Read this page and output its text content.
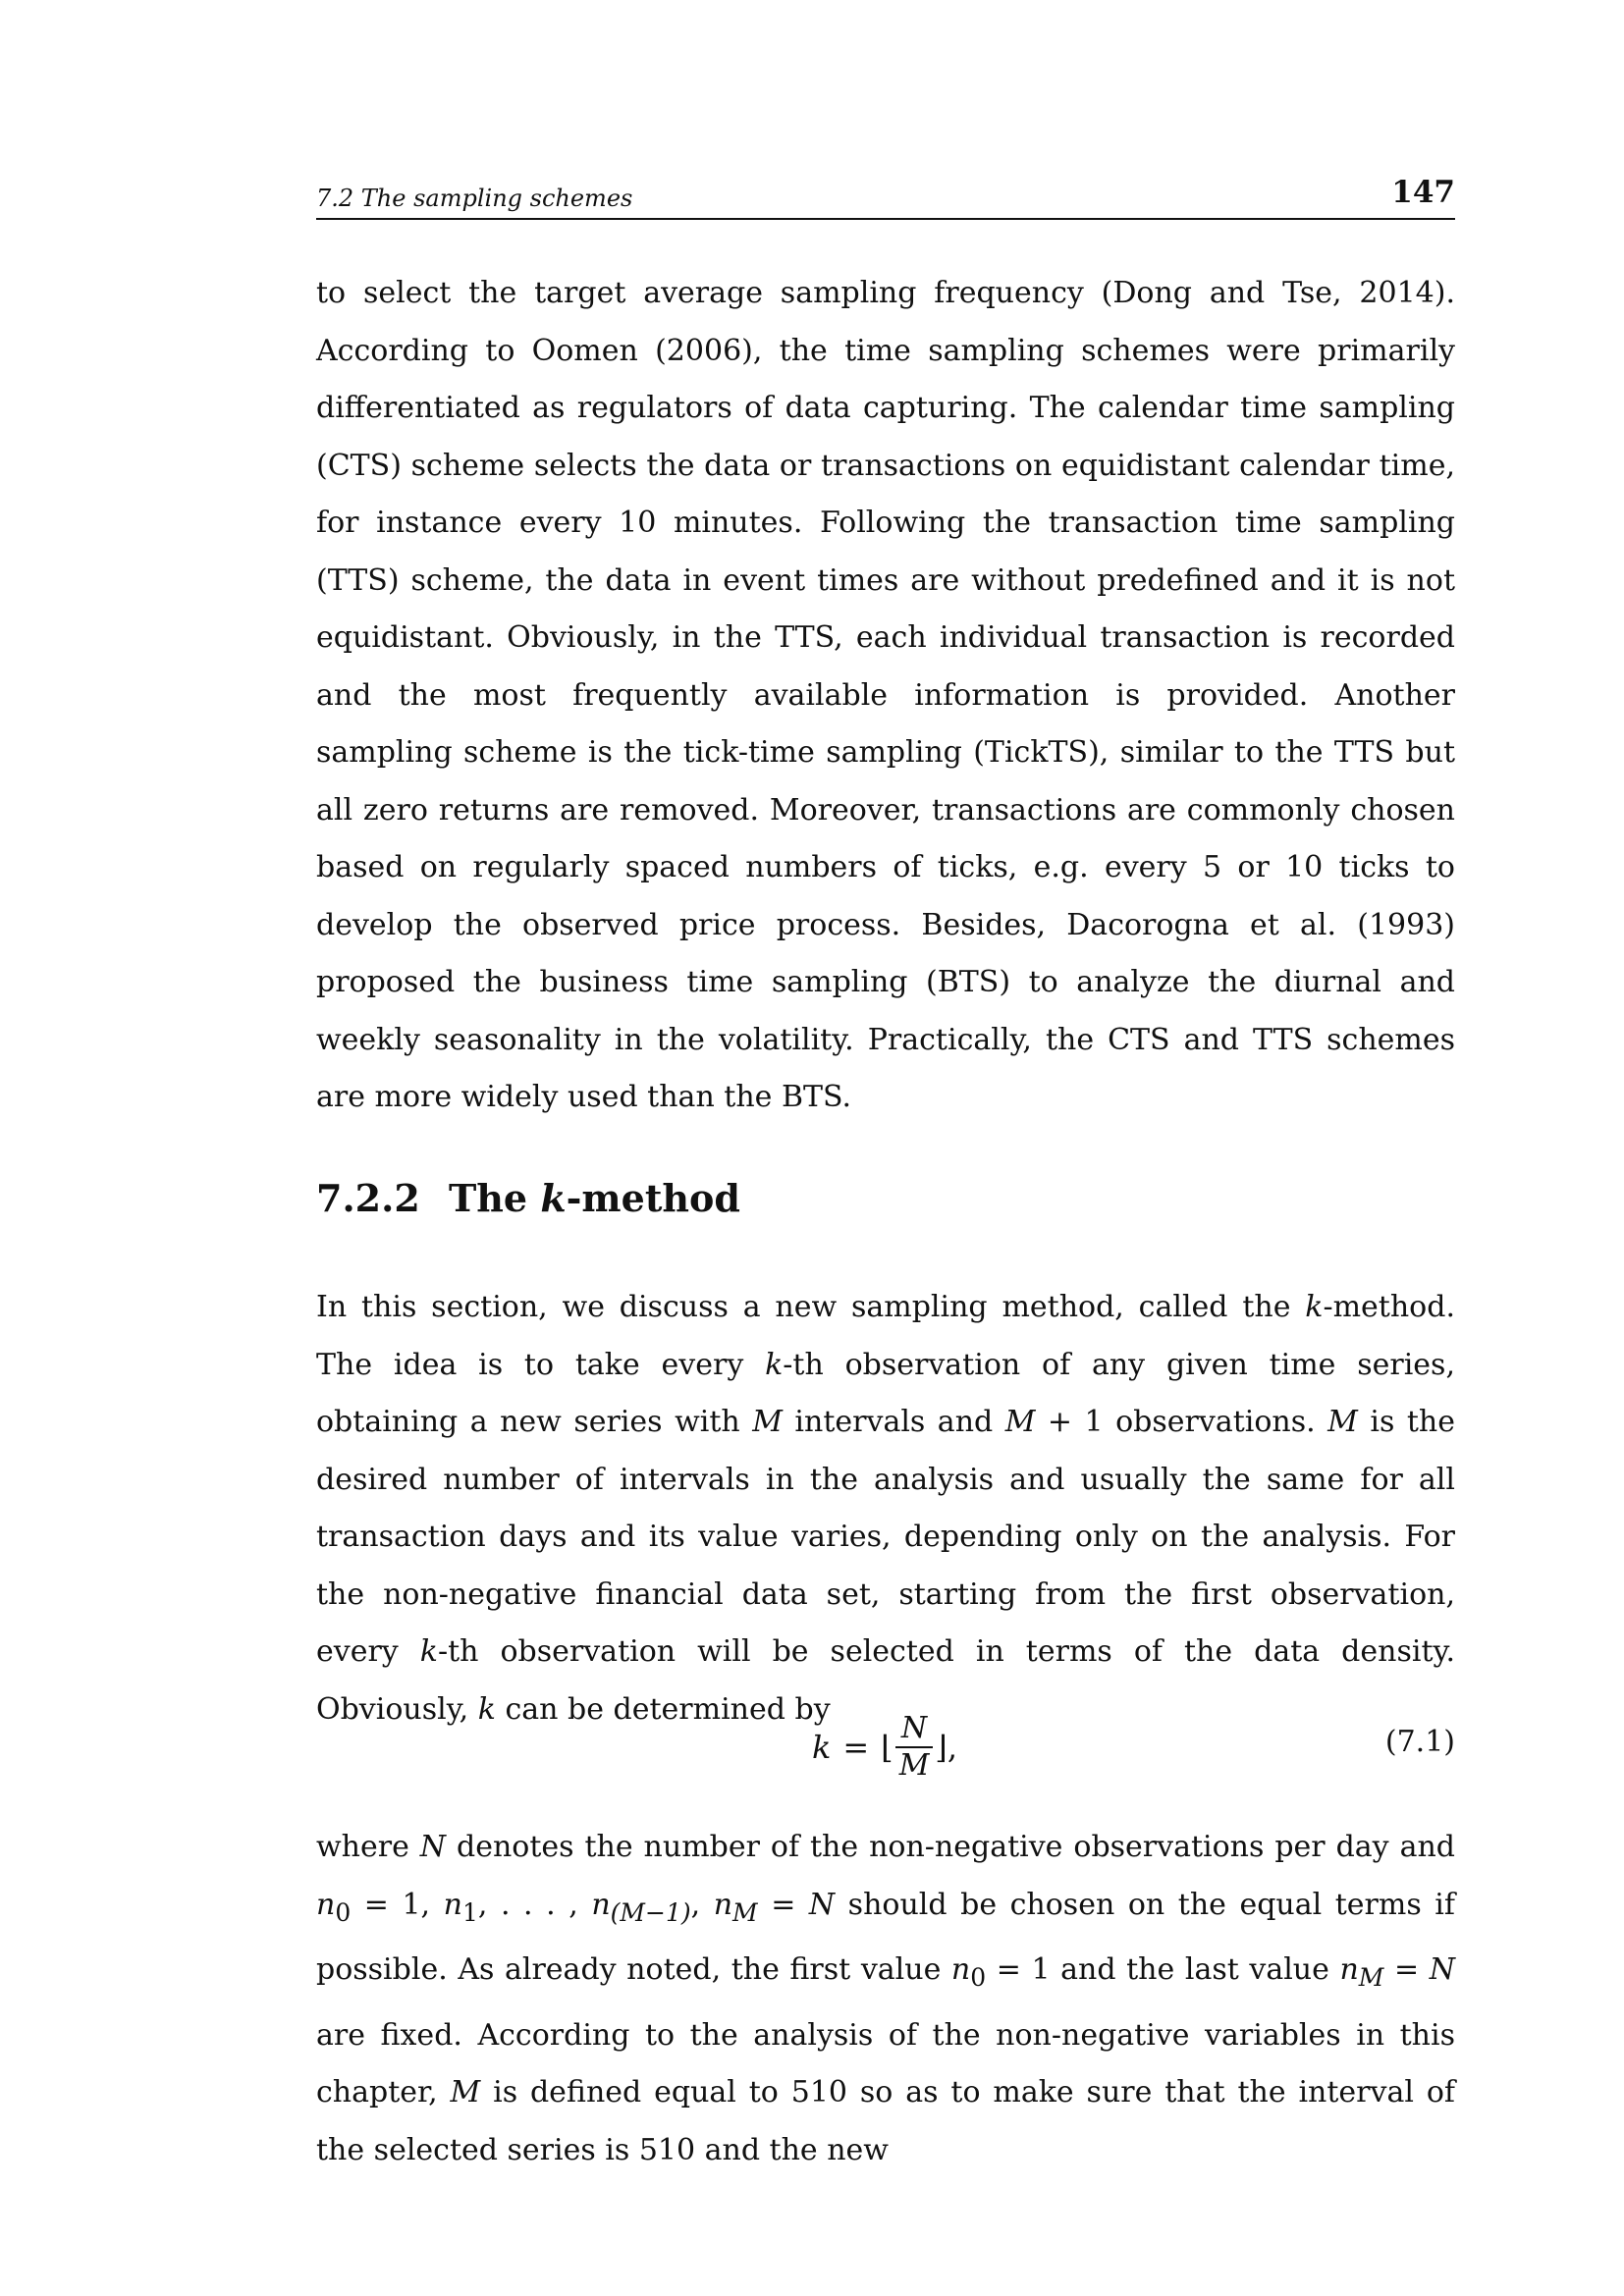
7.2 The sampling schemes	147

to select the target average sampling frequency (Dong and Tse, 2014). According to Oomen (2006), the time sampling schemes were primarily differentiated as regulators of data capturing. The calendar time sampling (CTS) scheme selects the data or transactions on equidistant calendar time, for instance every 10 minutes. Following the transaction time sampling (TTS) scheme, the data in event times are without predefined and it is not equidistant. Obviously, in the TTS, each individual transaction is recorded and the most frequently available information is provided. Another sampling scheme is the tick-time sampling (TickTS), similar to the TTS but all zero returns are removed. Moreover, transactions are commonly chosen based on regularly spaced numbers of ticks, e.g. every 5 or 10 ticks to develop the observed price process. Besides, Dacorogna et al. (1993) proposed the business time sampling (BTS) to analyze the diurnal and weekly seasonality in the volatility. Practically, the CTS and TTS schemes are more widely used than the BTS.

7.2.2 The k-method

In this section, we discuss a new sampling method, called the k-method. The idea is to take every k-th observation of any given time series, obtaining a new series with M intervals and M + 1 observations. M is the desired number of intervals in the analysis and usually the same for all transaction days and its value varies, depending only on the analysis. For the non-negative financial data set, starting from the first observation, every k-th observation will be selected in terms of the data density. Obviously, k can be determined by

k = ⌊ $\frac{N}{M}$ ⌋,	(7.1)

where N denotes the number of the non-negative observations per day and $n_0 = 1$, $n_1$, . . . , $n_{(M-1)}$, $n_M = N$ should be chosen on the equal terms if possible. As already noted, the first value $n_0 = 1$ and the last value $n_M = N$ are fixed. According to the analysis of the non-negative variables in this chapter, M is defined equal to 510 so as to make sure that the interval of the selected series is 510 and the new
